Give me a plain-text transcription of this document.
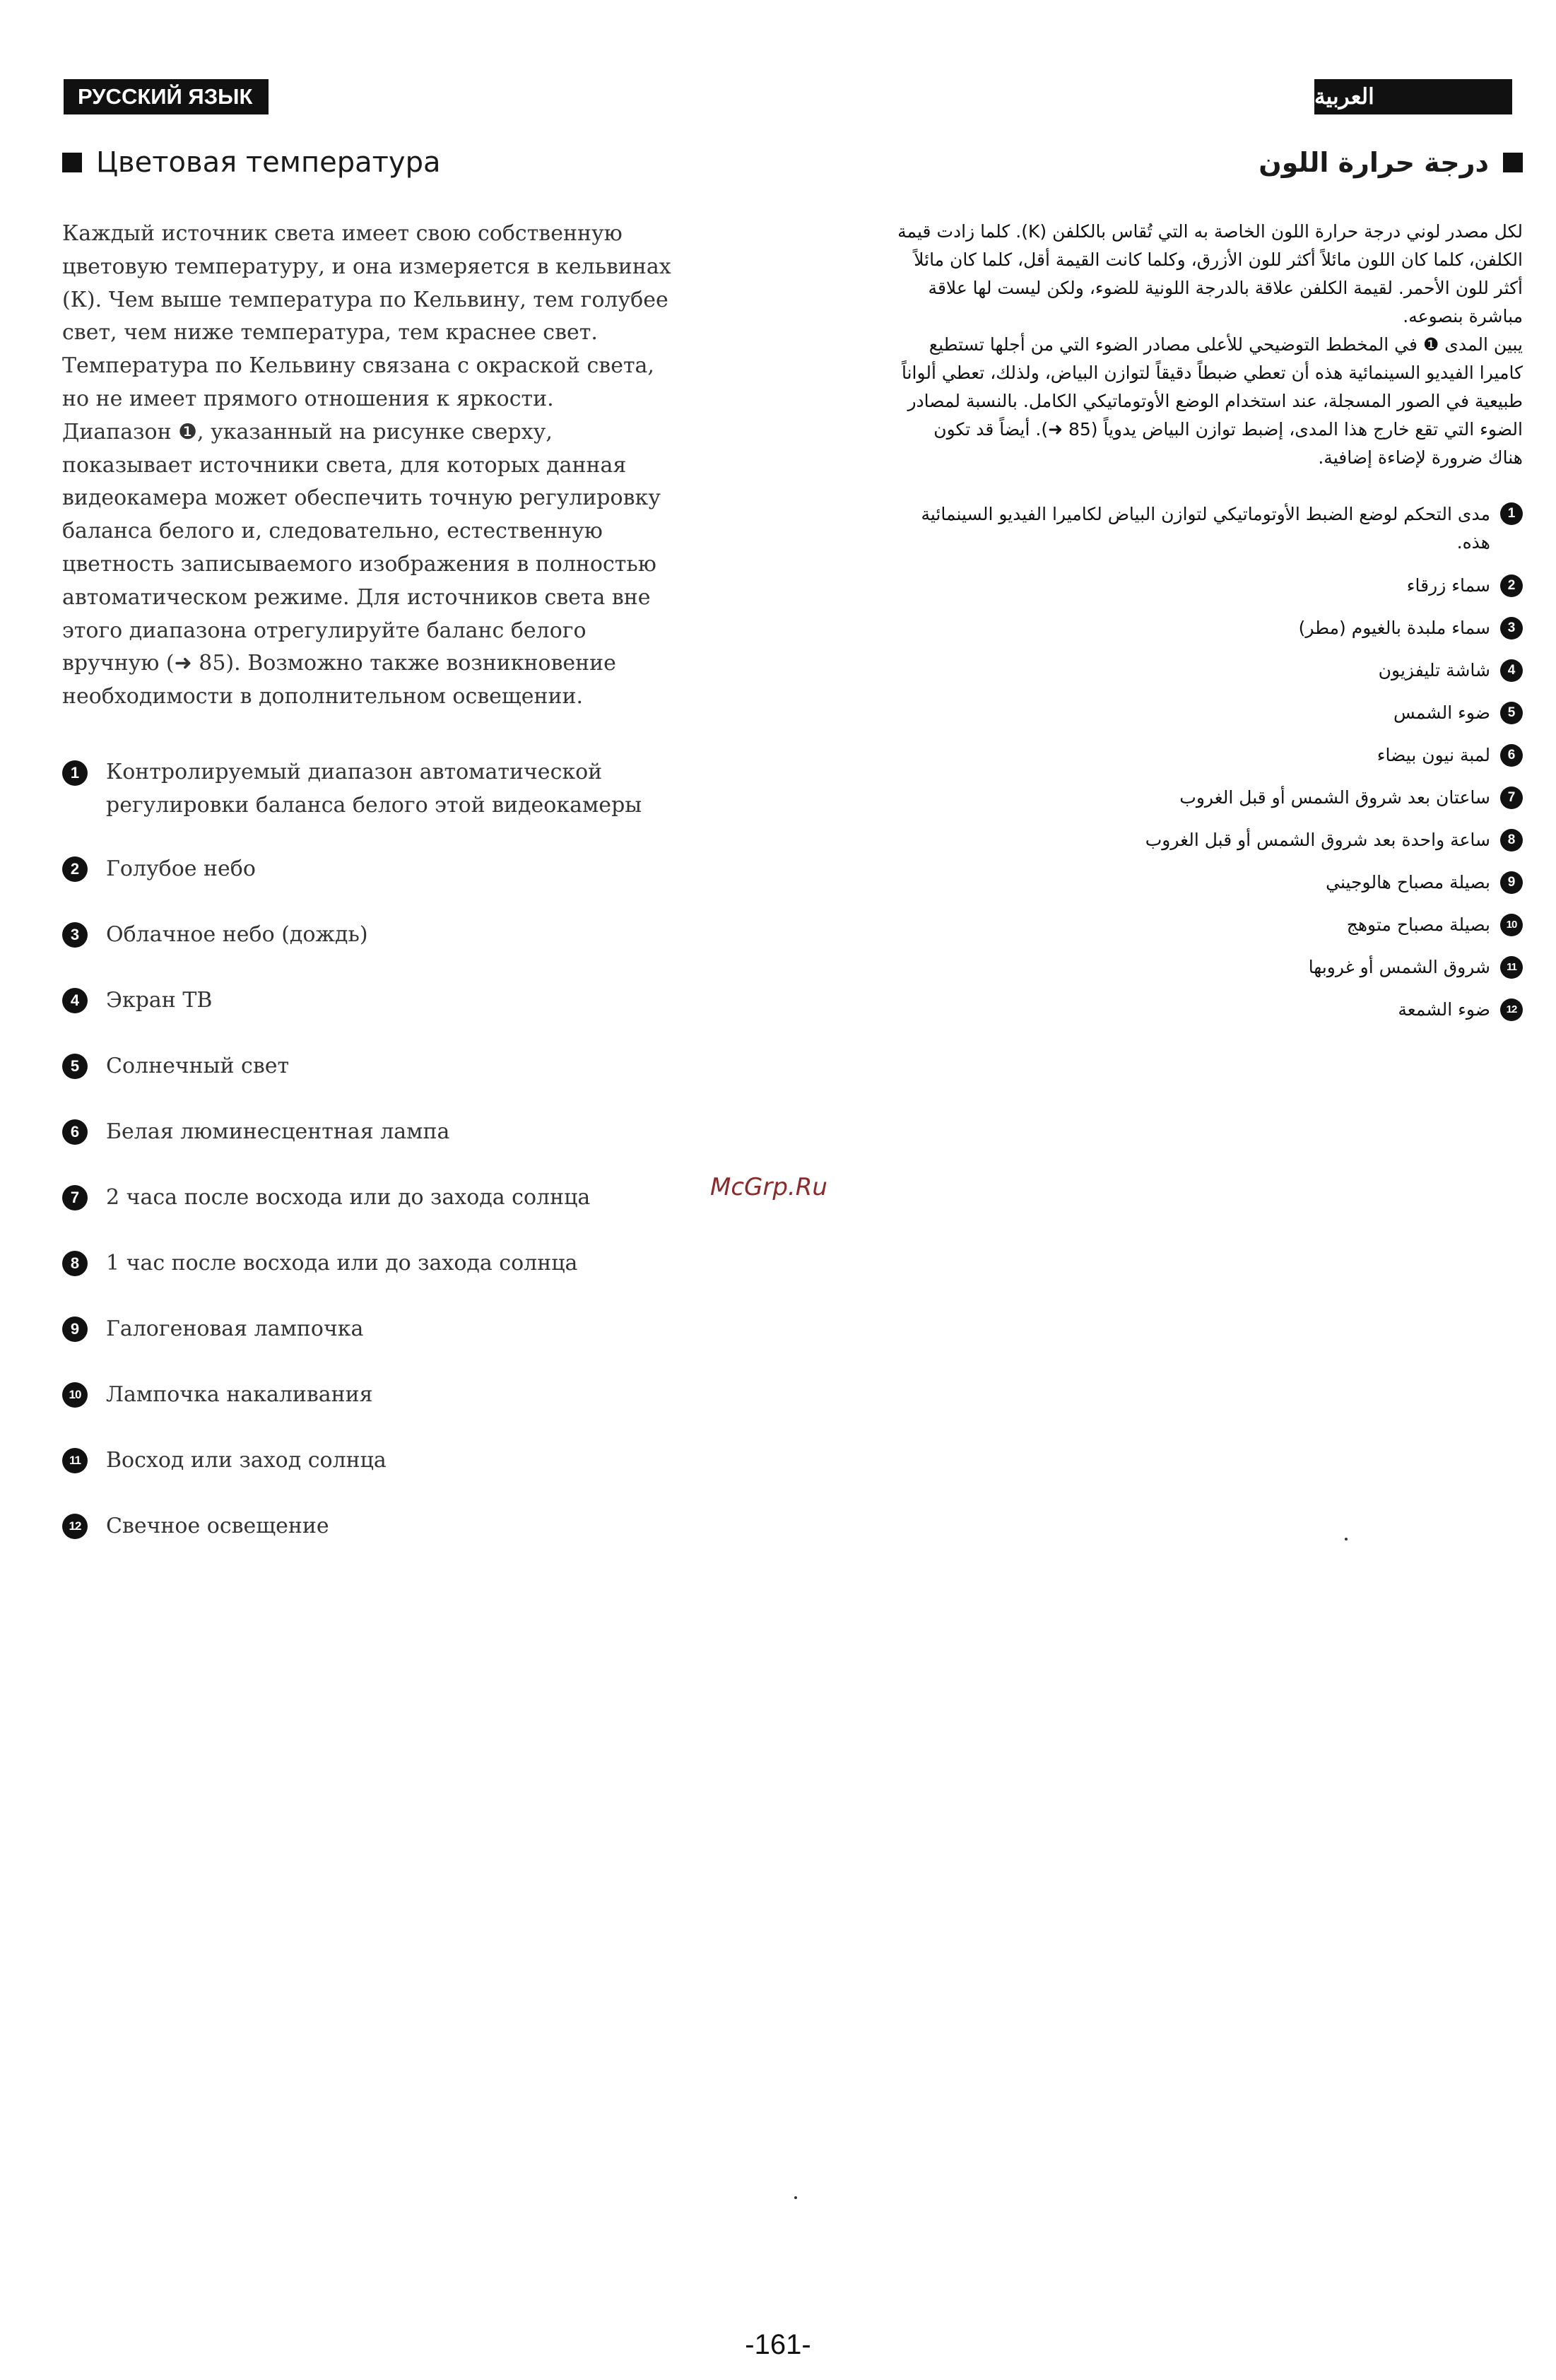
РУССКИЙ ЯЗЫК	العربية
Цветовая температура

Каждый источник света имеет свою собственную
цветовую температуру, и она измеряется в кельвинах
(К). Чем выше температура по Кельвину, тем голубее
свет, чем ниже температура, тем краснее свет.
Температура по Кельвину связана с окраской света,
но не имеет прямого отношения к яркости.
Диапазон ❶, указанный на рисунке сверху,
показывает источники света, для которых данная
видеокамера может обеспечить точную регулировку
баланса белого и, следовательно, естественную
цветность записываемого изображения в полностью
автоматическом режиме. Для источников света вне
этого диапазона отрегулируйте баланс белого
вручную (➜ 85). Возможно также возникновение
необходимости в дополнительном освещении.

1	Контролируемый диапазон автоматической
регулировки баланса белого этой видеокамеры
2	Голубое небо
3	Облачное небо (дождь)
4	Экран ТВ
5	Солнечный свет
6	Белая люминесцентная лампа
7	2 часа после восхода или до захода солнца
8	1 час после восхода или до захода солнца
9	Галогеновая лампочка
10	Лампочка накаливания
11	Восход или заход солнца
12	Свечное освещение
درجة حرارة اللون

لكل مصدر لوني درجة حرارة اللون الخاصة به التي تُقاس بالكلفن (K). كلما زادت قيمة
الكلفن، كلما كان اللون مائلاً أكثر للون الأزرق، وكلما كانت القيمة أقل، كلما كان مائلاً
أكثر للون الأحمر. لقيمة الكلفن علاقة بالدرجة اللونية للضوء، ولكن ليست لها علاقة
مباشرة بنصوعه.
يبين المدى ❶ في المخطط التوضيحي للأعلى مصادر الضوء التي من أجلها تستطيع
كاميرا الفيديو السينمائية هذه أن تعطي ضبطاً دقيقاً لتوازن البياض، ولذلك، تعطي ألواناً
طبيعية في الصور المسجلة، عند استخدام الوضع الأوتوماتيكي الكامل. بالنسبة لمصادر
الضوء التي تقع خارج هذا المدى، إضبط توازن البياض يدوياً (85 ➜). أيضاً قد تكون
هناك ضرورة لإضاءة إضافية.

1
مدى التحكم لوضع الضبط الأوتوماتيكي لتوازن البياض لكاميرا الفيديو السينمائية
هذه.
2
سماء زرقاء
3
سماء ملبدة بالغيوم (مطر)
4
شاشة تليفزيون
5
ضوء الشمس
6
لمبة نيون بيضاء
7
ساعتان بعد شروق الشمس أو قبل الغروب
8
ساعة واحدة بعد شروق الشمس أو قبل الغروب
9
بصيلة مصباح هالوجيني
10
بصيلة مصباح متوهج
11
شروق الشمس أو غروبها
12
ضوء الشمعة
McGrp.Ru
-161-
